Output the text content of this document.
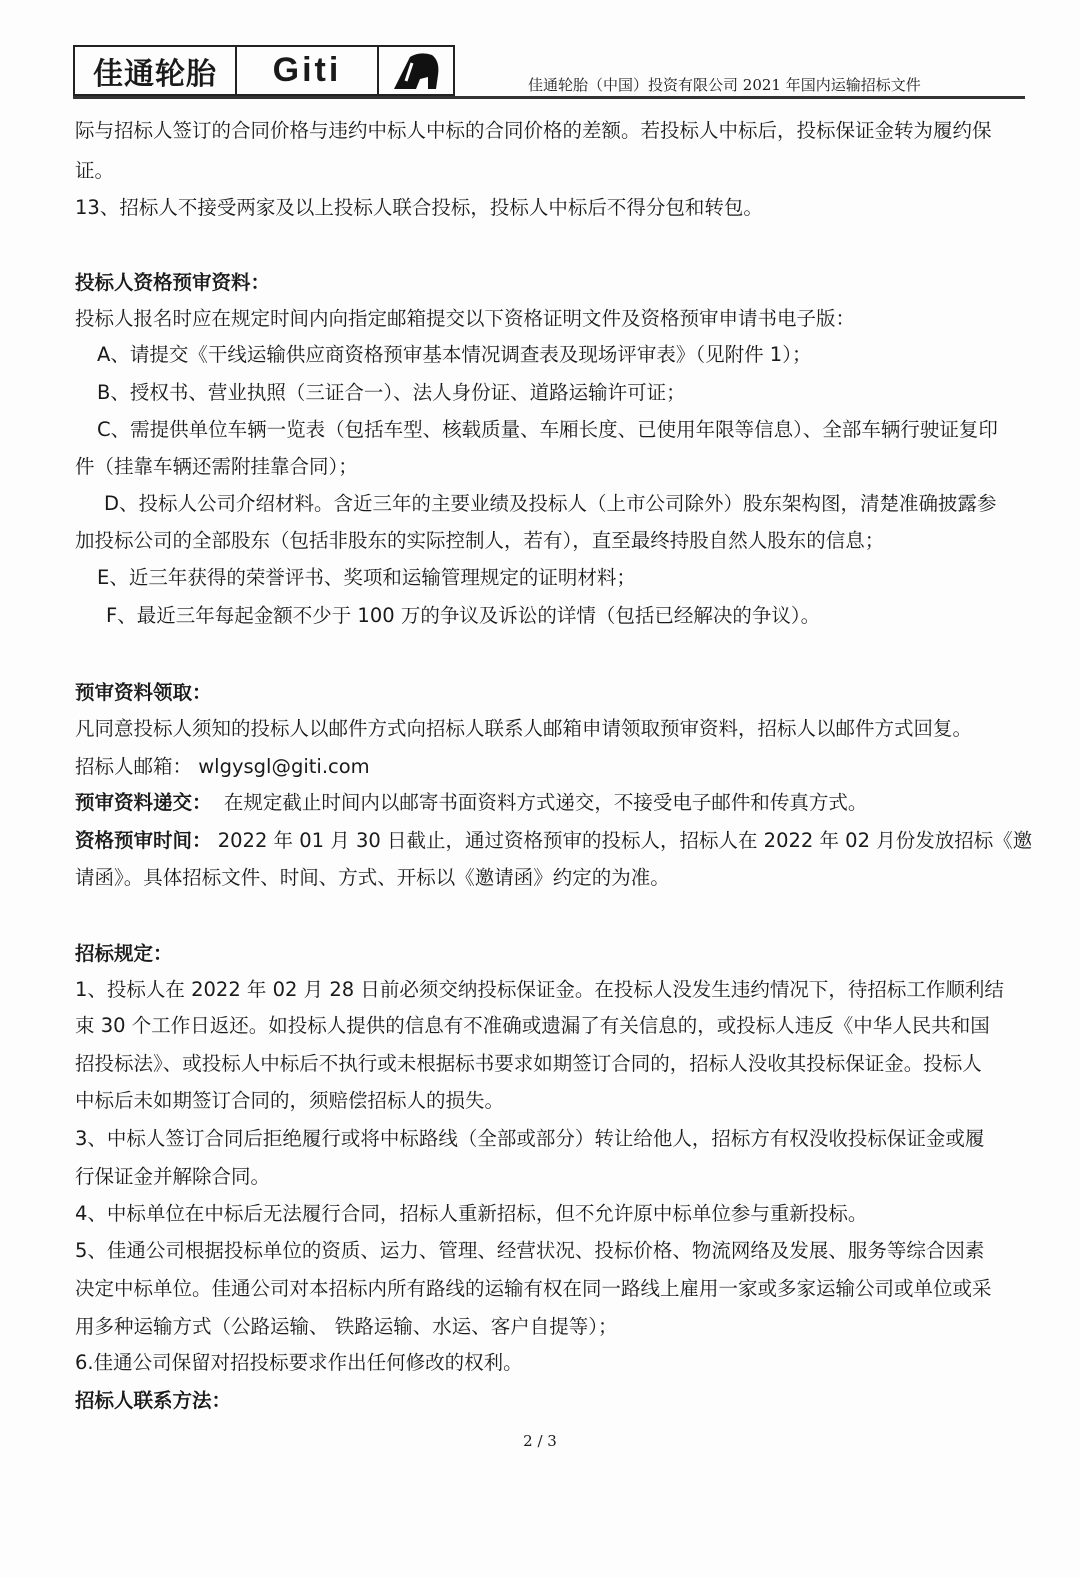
佳通轮胎	Giti	佳通轮胎（中国）投资有限公司 2021 年国内运输招标文件
际与招标人签订的合同价格与违约中标人中标的合同价格的差额。若投标人中标后，投标保证金转为履约保
证。
13、招标人不接受两家及以上投标人联合投标，投标人中标后不得分包和转包。
投标人资格预审资料：
投标人报名时应在规定时间内向指定邮箱提交以下资格证明文件及资格预审申请书电子版：
A、请提交《干线运输供应商资格预审基本情况调查表及现场评审表》（见附件 1）；
B、授权书、营业执照（三证合一）、法人身份证、道路运输许可证；
C、需提供单位车辆一览表（包括车型、核载质量、车厢长度、已使用年限等信息）、全部车辆行驶证复印
件（挂靠车辆还需附挂靠合同）；
D、投标人公司介绍材料。含近三年的主要业绩及投标人（上市公司除外）股东架构图，清楚准确披露参
加投标公司的全部股东（包括非股东的实际控制人，若有），直至最终持股自然人股东的信息；
E、近三年获得的荣誉评书、奖项和运输管理规定的证明材料；
F、最近三年每起金额不少于 100 万的争议及诉讼的详情（包括已经解决的争议）。
预审资料领取：
凡同意投标人须知的投标人以邮件方式向招标人联系人邮箱申请领取预审资料，招标人以邮件方式回复。
招标人邮箱： wlgysgl@giti.com
预审资料递交： 在规定截止时间内以邮寄书面资料方式递交，不接受电子邮件和传真方式。
资格预审时间： 2022 年 01 月 30 日截止，通过资格预审的投标人，招标人在 2022 年 02 月份发放招标《邀
请函》。具体招标文件、时间、方式、开标以《邀请函》约定的为准。
招标规定：
1、投标人在 2022 年 02 月 28 日前必须交纳投标保证金。在投标人没发生违约情况下，待招标工作顺利结
束 30 个工作日返还。如投标人提供的信息有不准确或遗漏了有关信息的，或投标人违反《中华人民共和国
招投标法》、或投标人中标后不执行或未根据标书要求如期签订合同的，招标人没收其投标保证金。投标人
中标后未如期签订合同的，须赔偿招标人的损失。
3、中标人签订合同后拒绝履行或将中标路线（全部或部分）转让给他人，招标方有权没收投标保证金或履
行保证金并解除合同。
4、中标单位在中标后无法履行合同，招标人重新招标，但不允许原中标单位参与重新投标。
5、佳通公司根据投标单位的资质、运力、管理、经营状况、投标价格、物流网络及发展、服务等综合因素
决定中标单位。佳通公司对本招标内所有路线的运输有权在同一路线上雇用一家或多家运输公司或单位或采
用多种运输方式（公路运输、 铁路运输、水运、客户自提等）；
6.佳通公司保留对招投标要求作出任何修改的权利。
招标人联系方法：
2 / 3
